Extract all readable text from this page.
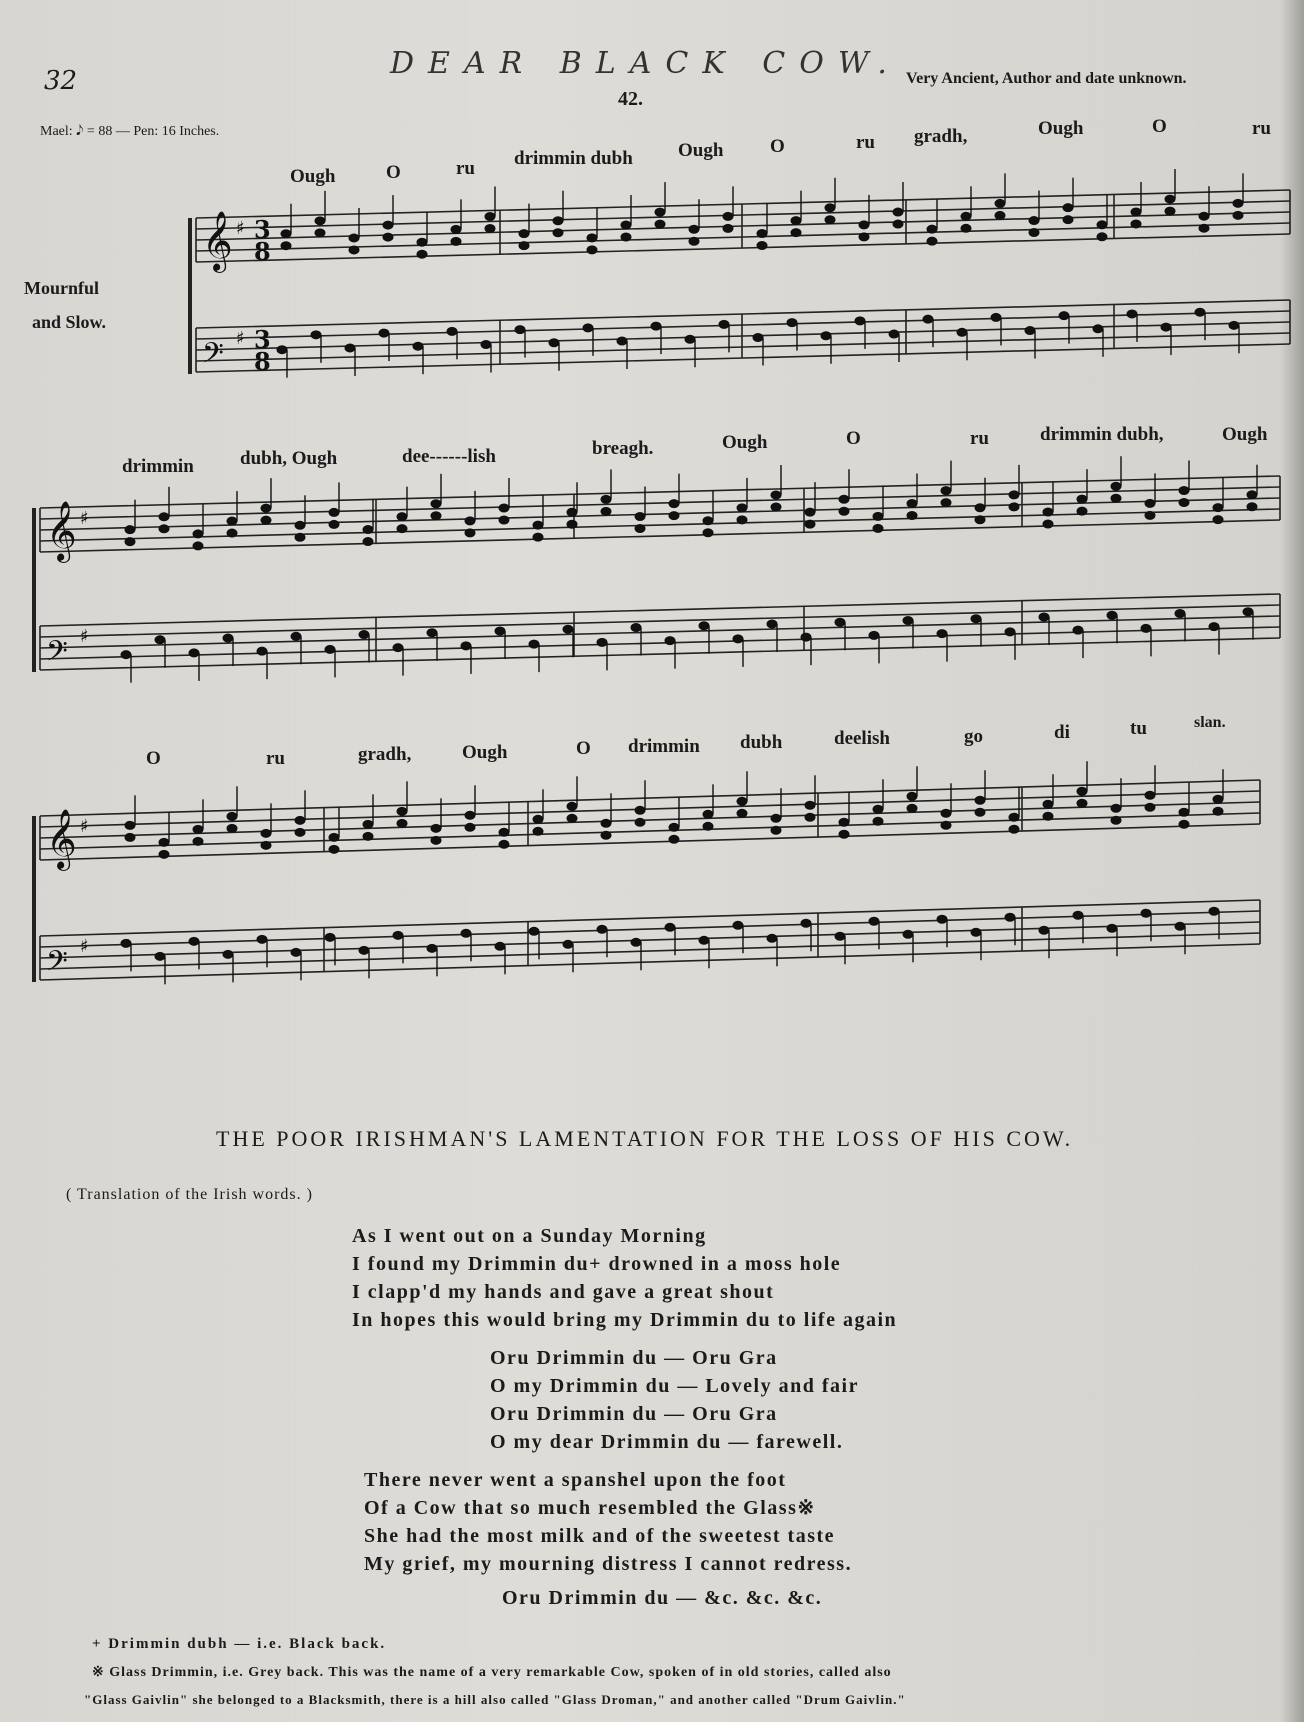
32	DEAR BLACK COW.
42.
Very Ancient, Author and date unknown.
Mael: 𝅘𝅥𝅮 = 88 — Pen: 16 Inches.
Mournful
and Slow.
Ough	O	ru drimmin dubh Ough O	ru gradh,	Ough	O	ru
drimmin dubh, Ough	dee------lish	breagh.	Ough	O	ru	drimmin dubh,	Ough
O	ru	gradh,	Ough	O drimmin dubh	deelish	go	di	tu	slan.
𝄞 ♯ 3
8
𝄢 ♯ 3
8
𝄞 ♯
𝄢 ♯
𝄞 ♯
𝄢 ♯
THE POOR IRISHMAN'S LAMENTATION FOR THE LOSS OF HIS COW.
( Translation of the Irish words. )
As I went out on a Sunday Morning
I found my Drimmin du+ drowned in a moss hole
I clapp'd my hands and gave a great shout
In hopes this would bring my Drimmin du to life again
Oru Drimmin du — Oru Gra
O my Drimmin du — Lovely and fair
Oru Drimmin du — Oru Gra
O my dear Drimmin du — farewell.
There never went a spanshel upon the foot
Of a Cow that so much resembled the Glass※
She had the most milk and of the sweetest taste
My grief, my mourning distress I cannot redress.
Oru Drimmin du — &c. &c. &c.
+ Drimmin dubh — i.e. Black back.
※ Glass Drimmin, i.e. Grey back. This was the name of a very remarkable Cow, spoken of in old stories, called also
"Glass Gaivlin" she belonged to a Blacksmith, there is a hill also called "Glass Droman," and another called "Drum Gaivlin."
